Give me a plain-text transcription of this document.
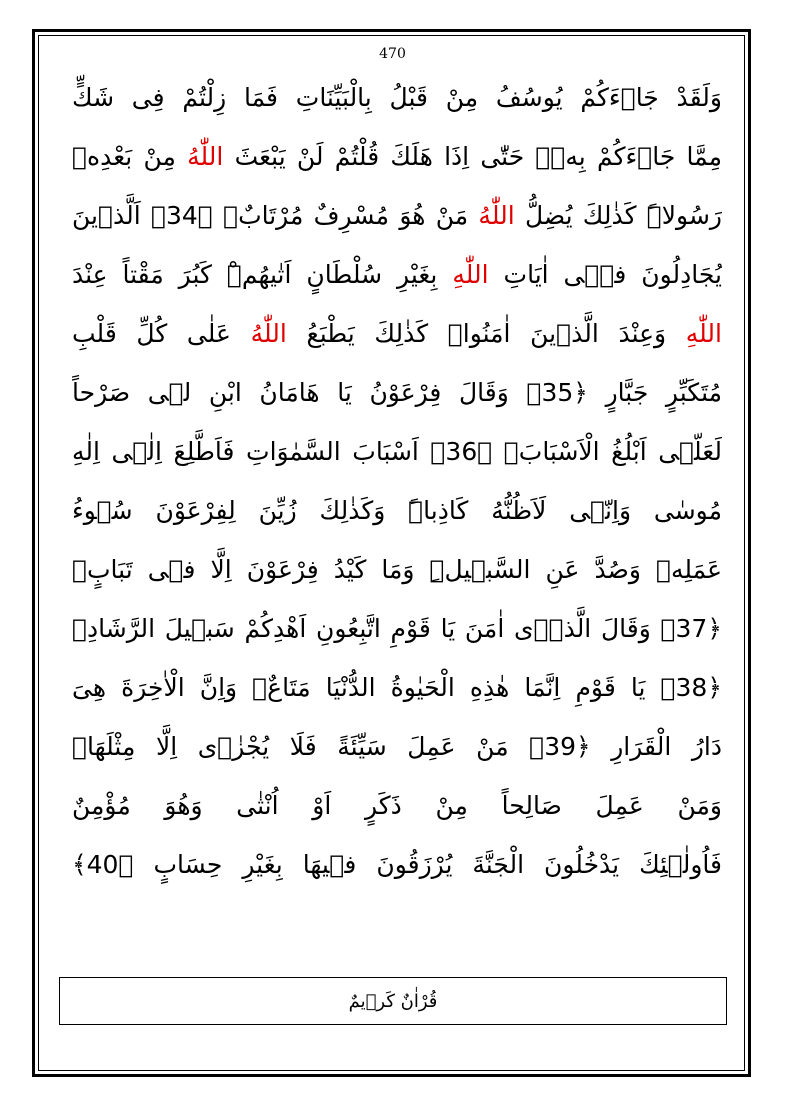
470
وَلَقَدْ جَاۤءَكُمْ يُوسُفُ مِنْ قَبْلُ بِالْبَيِّنَاتِ فَمَا زِلْتُمْ فِى شَكٍّ
مِمَّا جَاۤءَكُمْ بِهٖۜ حَتّٰى اِذَا هَلَكَ قُلْتُمْ لَنْ يَبْعَثَ اللّٰهُ مِنْ بَعْدِهٖ
رَسُولاًۜ كَذٰلِكَ يُضِلُّ اللّٰهُ مَنْ هُوَ مُسْرِفٌ مُرْتَابٌۚ ﴿34﴾ اَلَّذٖينَ
يُجَادِلُونَ فٖۤى اٰيَاتِ اللّٰهِ بِغَيْرِ سُلْطَانٍ اَتٰيهُمْۜ كَبُرَ مَقْتاً عِنْدَ
اللّٰهِ وَعِنْدَ الَّذٖينَ اٰمَنُواۜ كَذٰلِكَ يَطْبَعُ اللّٰهُ عَلٰى كُلِّ قَلْبِ
مُتَكَبِّرٍ جَبَّارٍ ﴿35﴾ وَقَالَ فِرْعَوْنُ يَا هَامَانُ ابْنِ لٖى صَرْحاً
لَعَلّٖى اَبْلُغُ الْاَسْبَابَۙ ﴿36﴾ اَسْبَابَ السَّمٰوَاتِ فَاَطَّلِعَ اِلٰۤى اِلٰهِ
مُوسٰى وَاِنّٖى لَاَظُنُّهُ كَاذِباًۜ وَكَذٰلِكَ زُيِّنَ لِفِرْعَوْنَ سُۤوءُ
عَمَلِهٖ وَصُدَّ عَنِ السَّبٖيلِۜ وَمَا كَيْدُ فِرْعَوْنَ اِلَّا فٖى تَبَابٍۘ
﴿37﴾ وَقَالَ الَّذٖۤى اٰمَنَ يَا قَوْمِ اتَّبِعُونِ اَهْدِكُمْ سَبٖيلَ الرَّشَادِۚ
﴿38﴾ يَا قَوْمِ اِنَّمَا هٰذِهِ الْحَيٰوةُ الدُّنْيَا مَتَاعٌۘ وَاِنَّ الْاٰخِرَةَ هِىَ
دَارُ الْقَرَارِ ﴿39﴾ مَنْ عَمِلَ سَيِّئَةً فَلَا يُجْزٰۤى اِلَّا مِثْلَهَاۚ
وَمَنْ عَمِلَ صَالِحاً مِنْ ذَكَرٍ اَوْ اُنْثٰى وَهُوَ مُؤْمِنٌ
فَاُولٰۤئِكَ يَدْخُلُونَ الْجَنَّةَ يُرْزَقُونَ فٖيهَا بِغَيْرِ حِسَابٍ ﴿40﴾
قُرْاٰنٌ كَرٖيمٌ
